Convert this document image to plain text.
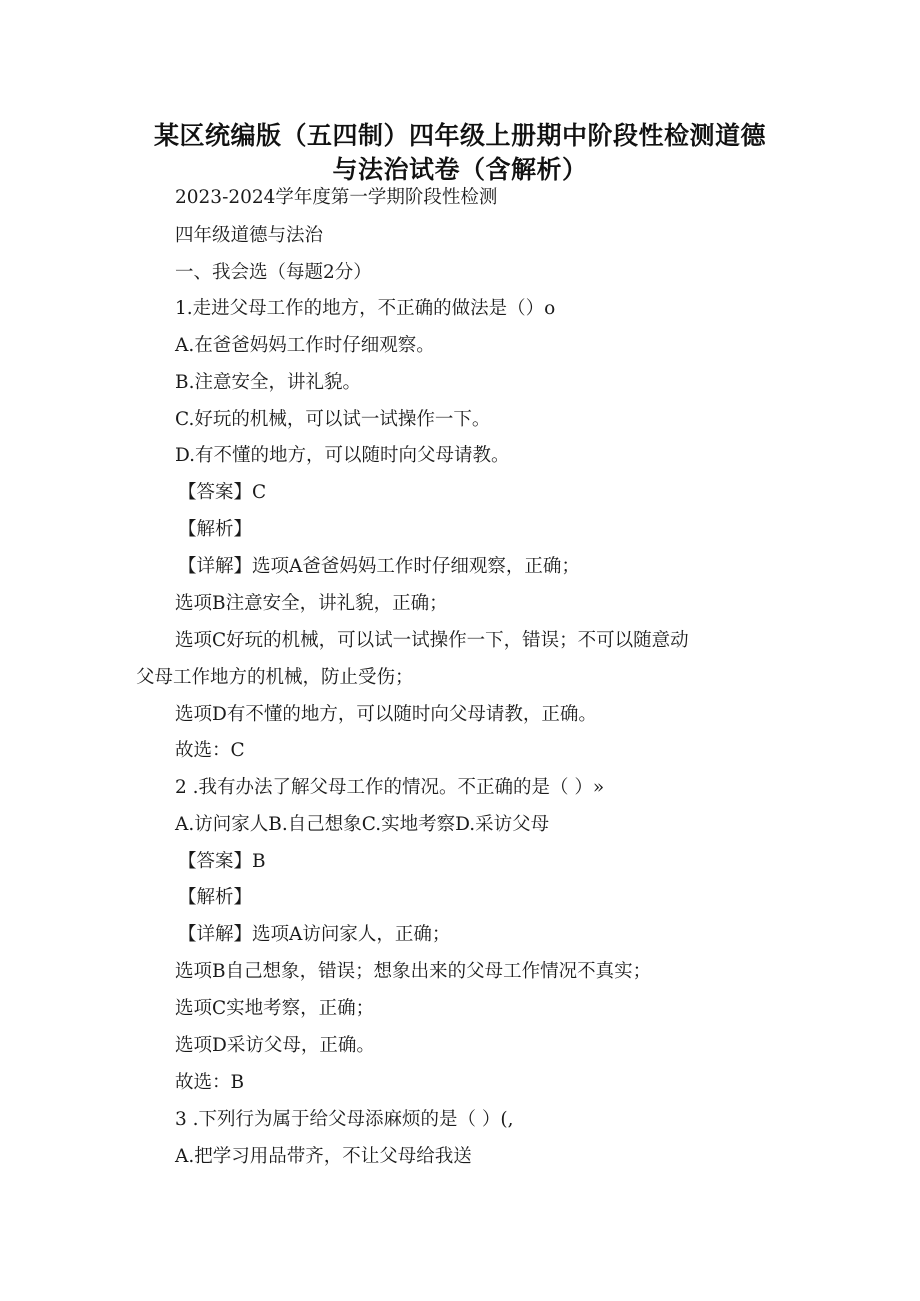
某区统编版（五四制）四年级上册期中阶段性检测道德
与法治试卷（含解析）
2023-2024学年度第一学期阶段性检测
四年级道德与法治
一、我会选（每题2分）
1.走进父母工作的地方，不正确的做法是（）o
A.在爸爸妈妈工作时仔细观察。
B.注意安全，讲礼貌。
C.好玩的机械，可以试一试操作一下。
D.有不懂的地方，可以随时向父母请教。
【答案】C
【解析】
【详解】选项A爸爸妈妈工作时仔细观察，正确；
选项B注意安全，讲礼貌，正确；
选项C好玩的机械，可以试一试操作一下，错误；不可以随意动
父母工作地方的机械，防止受伤；
选项D有不懂的地方，可以随时向父母请教，正确。
故选：C
2 .我有办法了解父母工作的情况。不正确的是（ ）»
A.访问家人B.自己想象C.实地考察D.采访父母
【答案】B
【解析】
【详解】选项A访问家人，正确；
选项B自己想象，错误；想象出来的父母工作情况不真实；
选项C实地考察，正确；
选项D采访父母，正确。
故选：B
3 .下列行为属于给父母添麻烦的是（ ）(,
A.把学习用品带齐，不让父母给我送
